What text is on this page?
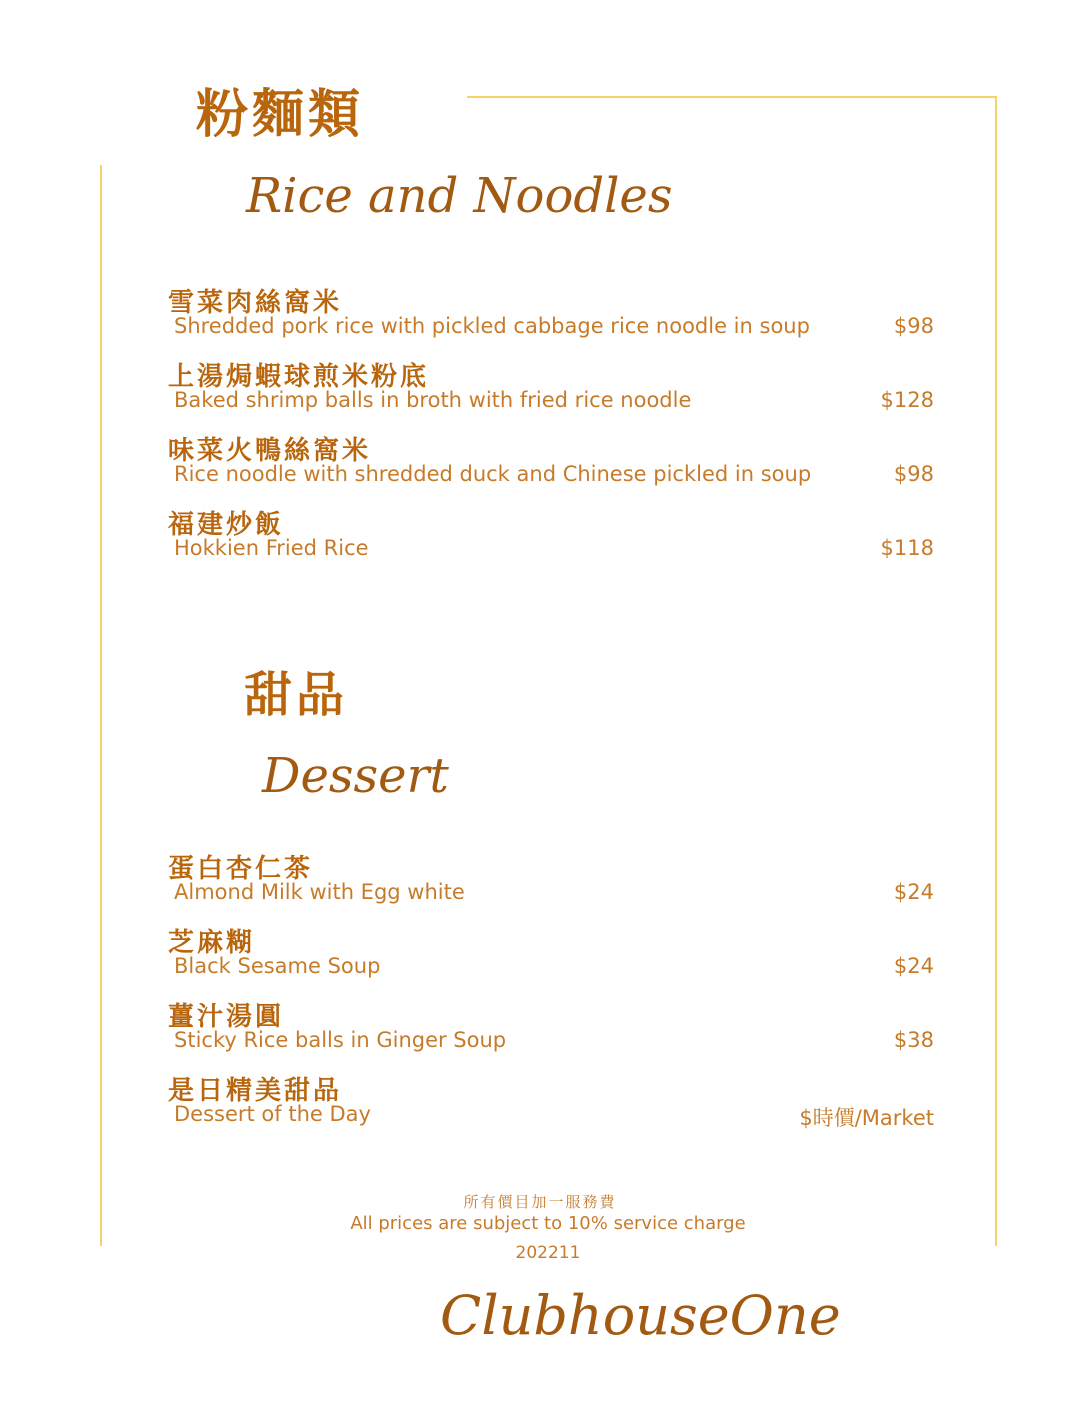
粉麵類
Rice and Noodles
雪菜肉絲窩米
Shredded pork rice with pickled cabbage rice noodle in soup	$98
上湯焗蝦球煎米粉底
Baked shrimp balls in broth with fried rice noodle	$128
味菜火鴨絲窩米
Rice noodle with shredded duck and Chinese pickled in soup	$98
福建炒飯
Hokkien Fried Rice	$118
甜品
Dessert
蛋白杏仁茶
Almond Milk with Egg white	$24
芝麻糊
Black Sesame Soup	$24
薑汁湯圓
Sticky Rice balls in Ginger Soup	$38
是日精美甜品
Dessert of the Day	$時價/Market
所有價目加一服務費
All prices are subject to 10% service charge
202211
ClubhouseOne
